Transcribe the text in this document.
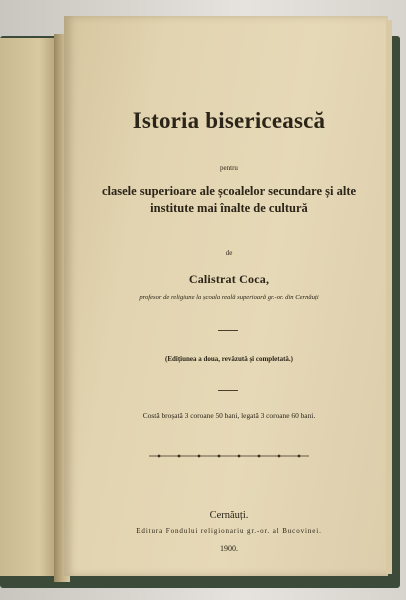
Istoria bisericească

pentru

clasele superioare ale școalelor secundare și alte

institute mai înalte de cultură

de

Calistrat Coca,

profesor de religiune la școala reală superioară gr.-or. din Cernăuți

(Edițiunea a doua, revăzută și completată.)

Costă broșată 3 coroane 50 bani, legată 3 coroane 60 bani.

Cernăuți.

Editura Fondului religionariu gr.-or. al Bucovinei.

1900.
